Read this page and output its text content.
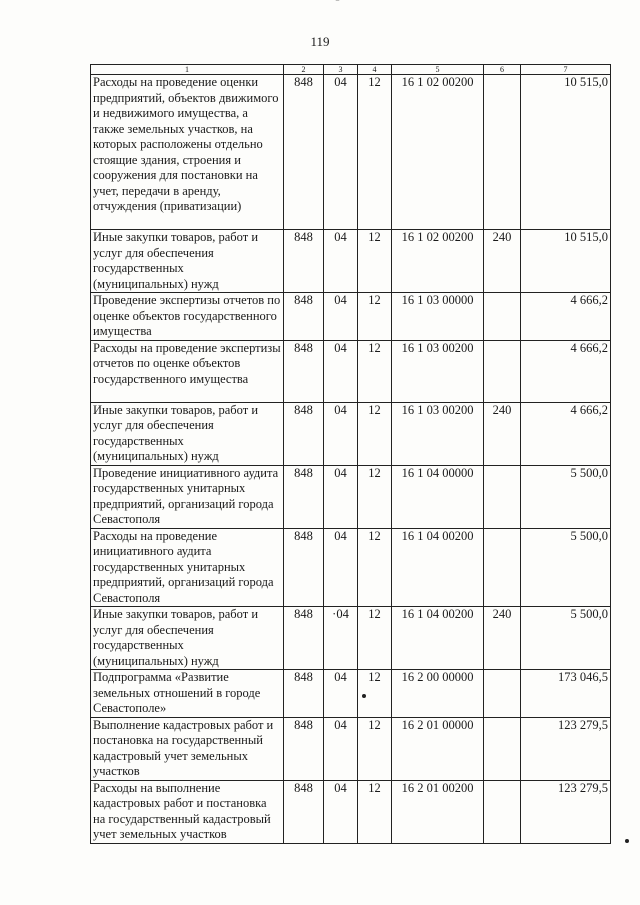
‾
119
1	2	3	4	5	6	7
Расходы на проведение оценки предприятий, объектов движимого и недвижимого имущества, а также земельных участков, на которых расположены отдельно стоящие здания, строения и сооружения для постановки на учет, передачи в аренду, отчуждения (приватизации)	848	04	12	16 1 02 00200		10 515,0
Иные закупки товаров, работ и услуг для обеспечения государственных (муниципальных) нужд	848	04	12	16 1 02 00200	240	10 515,0
Проведение экспертизы отчетов по оценке объектов государственного имущества	848	04	12	16 1 03 00000		4 666,2
Расходы на проведение экспертизы отчетов по оценке объектов государственного имущества	848	04	12	16 1 03 00200		4 666,2
Иные закупки товаров, работ и услуг для обеспечения государственных (муниципальных) нужд	848	04	12	16 1 03 00200	240	4 666,2
Проведение инициативного аудита государственных унитарных предприятий, организаций города Севастополя	848	04	12	16 1 04 00000		5 500,0
Расходы на проведение инициативного аудита государственных унитарных предприятий, организаций города Севастополя	848	04	12	16 1 04 00200		5 500,0
Иные закупки товаров, работ и услуг для обеспечения государственных (муниципальных) нужд	848	·04	12	16 1 04 00200	240	5 500,0
Подпрограмма «Развитие земельных отношений в городе Севастополе»	848	04	12	16 2 00 00000		173 046,5
Выполнение кадастровых работ и постановка на государственный кадастровый учет земельных участков	848	04	12	16 2 01 00000		123 279,5
Расходы на выполнение кадастровых работ и постановка на государственный кадастровый учет земельных участков	848	04	12	16 2 01 00200		123 279,5
